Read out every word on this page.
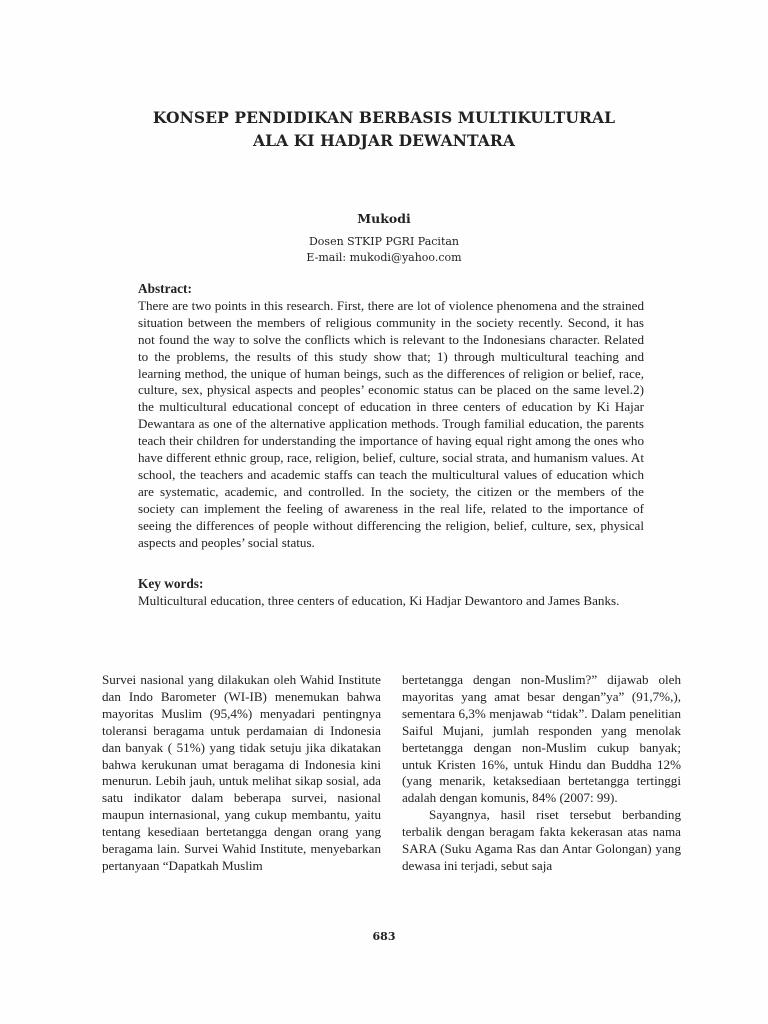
KONSEP PENDIDIKAN BERBASIS MULTIKULTURAL
ALA KI HADJAR DEWANTARA
Mukodi
Dosen STKIP PGRI Pacitan
E-mail: mukodi@yahoo.com
Abstract:
There are two points in this research. First, there are lot of violence phenomena and the strained situation between the members of religious community in the society recently. Second, it has not found the way to solve the conflicts which is relevant to the Indonesians character. Related to the problems, the results of this study show that; 1) through multicultural teaching and learning method, the unique of human beings, such as the differences of religion or belief, race, culture, sex, physical aspects and peoples’ economic status can be placed on the same level.2) the multicultural educational concept of education in three centers of education by Ki Hajar Dewantara as one of the alternative application methods. Trough familial education, the parents teach their children for understanding the importance of having equal right among the ones who have different ethnic group, race, religion, belief, culture, social strata, and humanism values. At school, the teachers and academic staffs can teach the multicultural values of education which are systematic, academic, and controlled. In the society, the citizen or the members of the society can implement the feeling of awareness in the real life, related to the importance of seeing the differences of people without differencing the religion, belief, culture, sex, physical aspects and peoples’ social status.
Key words:
Multicultural education, three centers of education, Ki Hadjar Dewantoro and James Banks.

Survei nasional yang dilakukan oleh Wahid Institute dan Indo Barometer (WI-IB) menemukan bahwa mayoritas Muslim (95,4%) menyadari pentingnya toleransi beragama untuk perdamaian di Indonesia dan banyak ( 51%) yang tidak setuju jika dikatakan bahwa kerukunan umat beragama di Indonesia kini menurun. Lebih jauh, untuk melihat sikap sosial, ada satu indikator dalam beberapa survei, nasional maupun internasional, yang cukup membantu, yaitu tentang kesediaan bertetangga dengan orang yang beragama lain. Survei Wahid Institute, menyebarkan pertanyaan “Dapatkah Muslim

bertetangga dengan non-Muslim?” dijawab oleh mayoritas yang amat besar dengan”ya” (91,7%,), sementara 6,3% menjawab “tidak”. Dalam penelitian Saiful Mujani, jumlah responden yang menolak bertetangga dengan non-Muslim cukup banyak; untuk Kristen 16%, untuk Hindu dan Buddha 12% (yang menarik, ketaksediaan bertetangga tertinggi adalah dengan komunis, 84% (2007: 99).

Sayangnya, hasil riset tersebut berbanding terbalik dengan beragam fakta kekerasan atas nama SARA (Suku Agama Ras dan Antar Golongan) yang dewasa ini terjadi, sebut saja

683
